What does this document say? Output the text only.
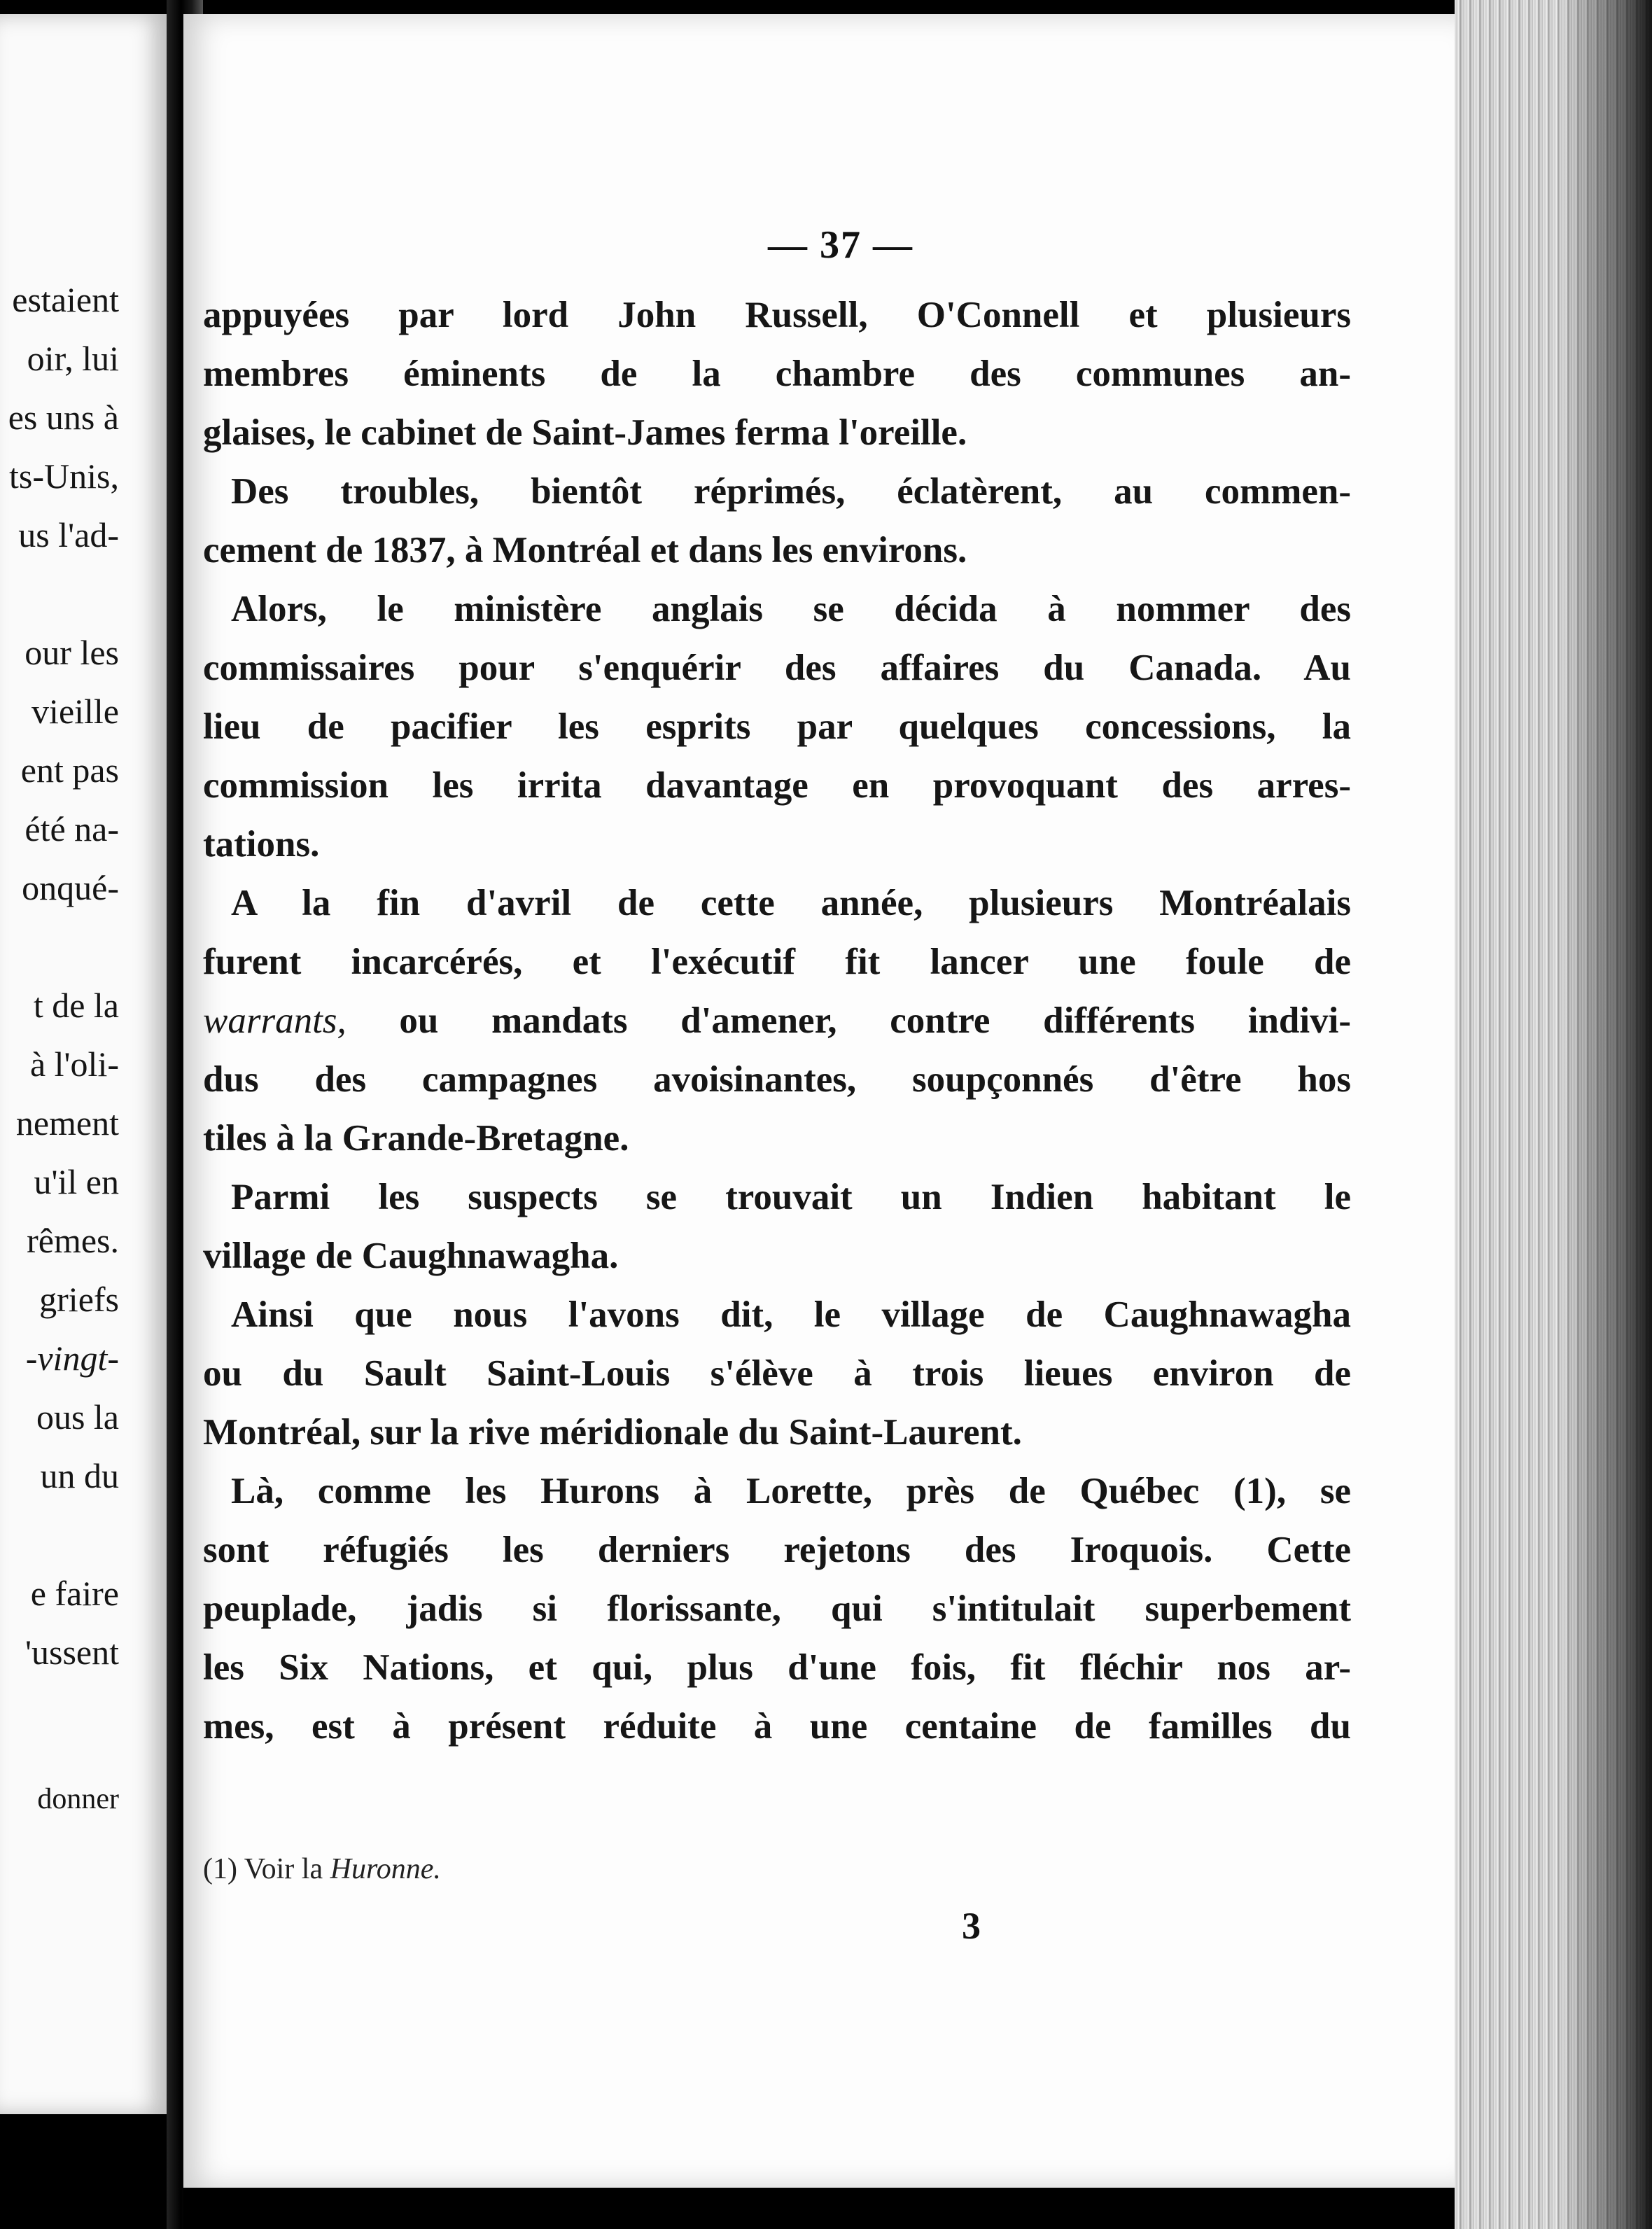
estaient
oir, lui
es uns à
ts-Unis,
us l'ad-
our les
vieille
ent pas
été na-
onqué-
t de la
à l'oli-
nement
u'il en
rêmes.
griefs
-vingt-
ous la
un du
e faire
'ussent
donner
— 37 —
appuyées par lord John Russell, O'Connell et plusieurs
membres éminents de la chambre des communes an-
glaises, le cabinet de Saint-James ferma l'oreille.
Des troubles, bientôt réprimés, éclatèrent, au commen-
cement de 1837, à Montréal et dans les environs.
Alors, le ministère anglais se décida à nommer des
commissaires pour s'enquérir des affaires du Canada. Au
lieu de pacifier les esprits par quelques concessions, la
commission les irrita davantage en provoquant des arres-
tations.
A la fin d'avril de cette année, plusieurs Montréalais
furent incarcérés, et l'exécutif fit lancer une foule de
warrants, ou mandats d'amener, contre différents indivi-
dus des campagnes avoisinantes, soupçonnés d'être hos
tiles à la Grande-Bretagne.
Parmi les suspects se trouvait un Indien habitant le
village de Caughnawagha.
Ainsi que nous l'avons dit, le village de Caughnawagha
ou du Sault Saint-Louis s'élève à trois lieues environ de
Montréal, sur la rive méridionale du Saint-Laurent.
Là, comme les Hurons à Lorette, près de Québec (1), se
sont réfugiés les derniers rejetons des Iroquois. Cette
peuplade, jadis si florissante, qui s'intitulait superbement
les Six Nations, et qui, plus d'une fois, fit fléchir nos ar-
mes, est à présent réduite à une centaine de familles du
(1) Voir la Huronne.
3
